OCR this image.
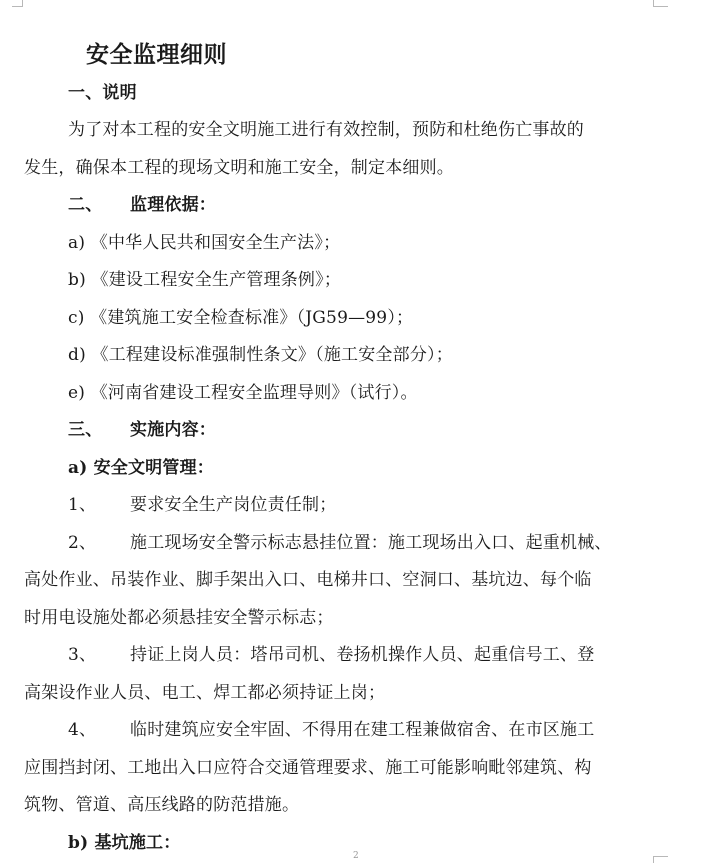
安全监理细则
一、说明
为了对本工程的安全文明施工进行有效控制，预防和杜绝伤亡事故的
发生，确保本工程的现场文明和施工安全，制定本细则。
二、 监理依据：
a) 《中华人民共和国安全生产法》；
b) 《建设工程安全生产管理条例》；
c) 《建筑施工安全检查标准》（JG59—99）；
d) 《工程建设标准强制性条文》（施工安全部分）；
e) 《河南省建设工程安全监理导则》（试行）。
三、 实施内容：
a) 安全文明管理：
1、 要求安全生产岗位责任制；
2、 施工现场安全警示标志悬挂位置：施工现场出入口、起重机械、
高处作业、吊装作业、脚手架出入口、电梯井口、空洞口、基坑边、每个临
时用电设施处都必须悬挂安全警示标志；
3、 持证上岗人员：塔吊司机、卷扬机操作人员、起重信号工、登
高架设作业人员、电工、焊工都必须持证上岗；
4、 临时建筑应安全牢固、不得用在建工程兼做宿舍、在市区施工
应围挡封闭、工地出入口应符合交通管理要求、施工可能影响毗邻建筑、构
筑物、管道、高压线路的防范措施。
b) 基坑施工：
2
